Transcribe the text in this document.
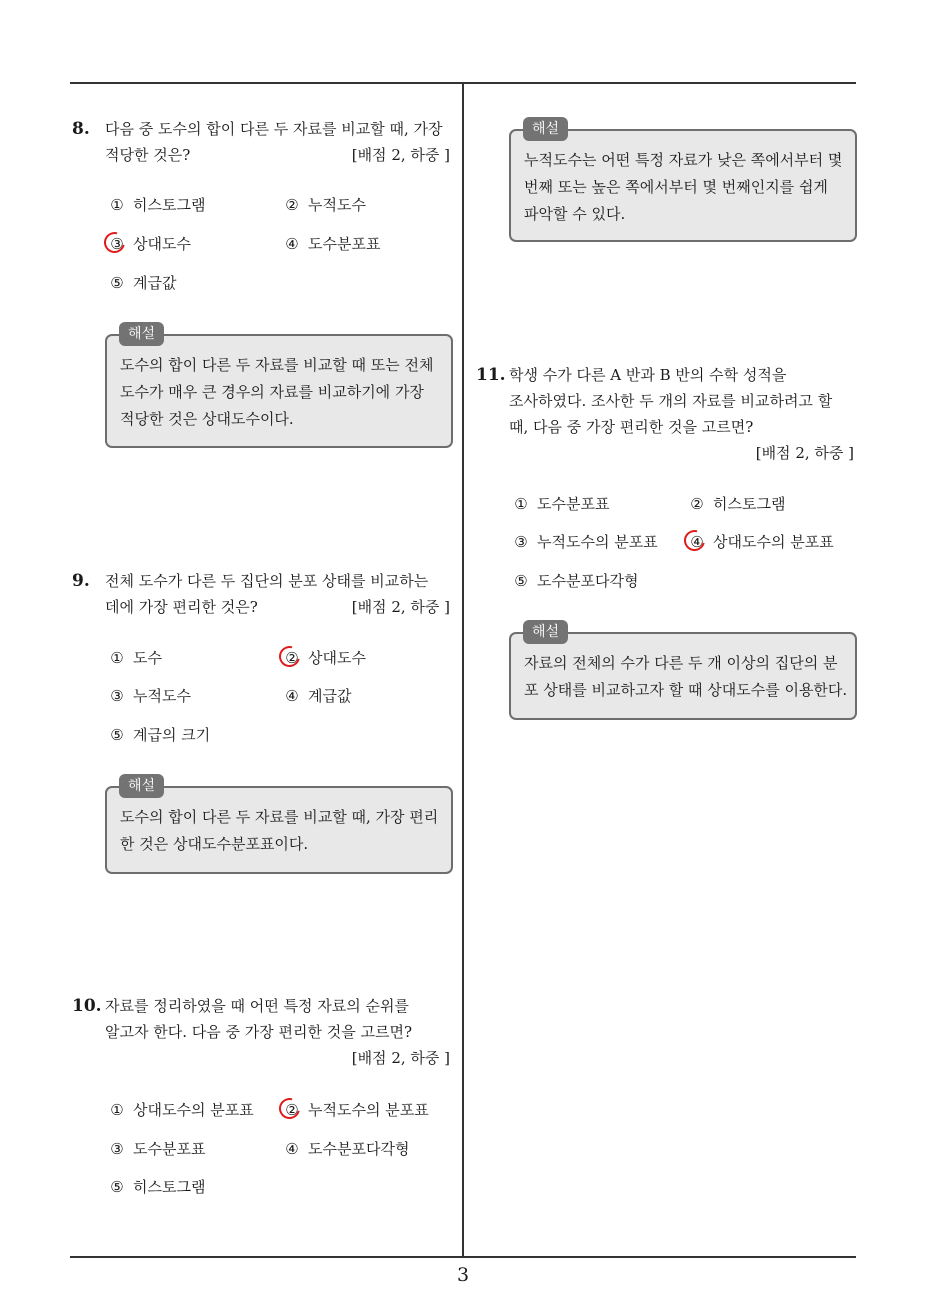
3
8. 다음 중 도수의 합이 다른 두 자료를 비교할 때, 가장
적당한 것은?	[배점 2, 하중 ]
① 히스토그램	② 누적도수
③ 상대도수	④ 도수분포표
⑤ 계급값
해설
도수의 합이 다른 두 자료를 비교할 때 또는 전체
도수가 매우 큰 경우의 자료를 비교하기에 가장
적당한 것은 상대도수이다.
9. 전체 도수가 다른 두 집단의 분포 상태를 비교하는
데에 가장 편리한 것은?	[배점 2, 하중 ]
① 도수	② 상대도수
③ 누적도수	④ 계급값
⑤ 계급의 크기
해설
도수의 합이 다른 두 자료를 비교할 때, 가장 편리
한 것은 상대도수분포표이다.
10. 자료를 정리하였을 때 어떤 특정 자료의 순위를
알고자 한다. 다음 중 가장 편리한 것을 고르면?
[배점 2, 하중 ]
① 상대도수의 분포표 ② 누적도수의 분포표
③ 도수분포표	④ 도수분포다각형
⑤ 히스토그램
해설
누적도수는 어떤 특정 자료가 낮은 쪽에서부터 몇
번째 또는 높은 쪽에서부터 몇 번째인지를 쉽게
파악할 수 있다.
11. 학생 수가 다른 A 반과 B 반의 수학 성적을
조사하였다. 조사한 두 개의 자료를 비교하려고 할
때, 다음 중 가장 편리한 것을 고르면?
[배점 2, 하중 ]
① 도수분포표	② 히스토그램
③ 누적도수의 분포표 ④ 상대도수의 분포표
⑤ 도수분포다각형
해설
자료의 전체의 수가 다른 두 개 이상의 집단의 분
포 상태를 비교하고자 할 때 상대도수를 이용한다.
